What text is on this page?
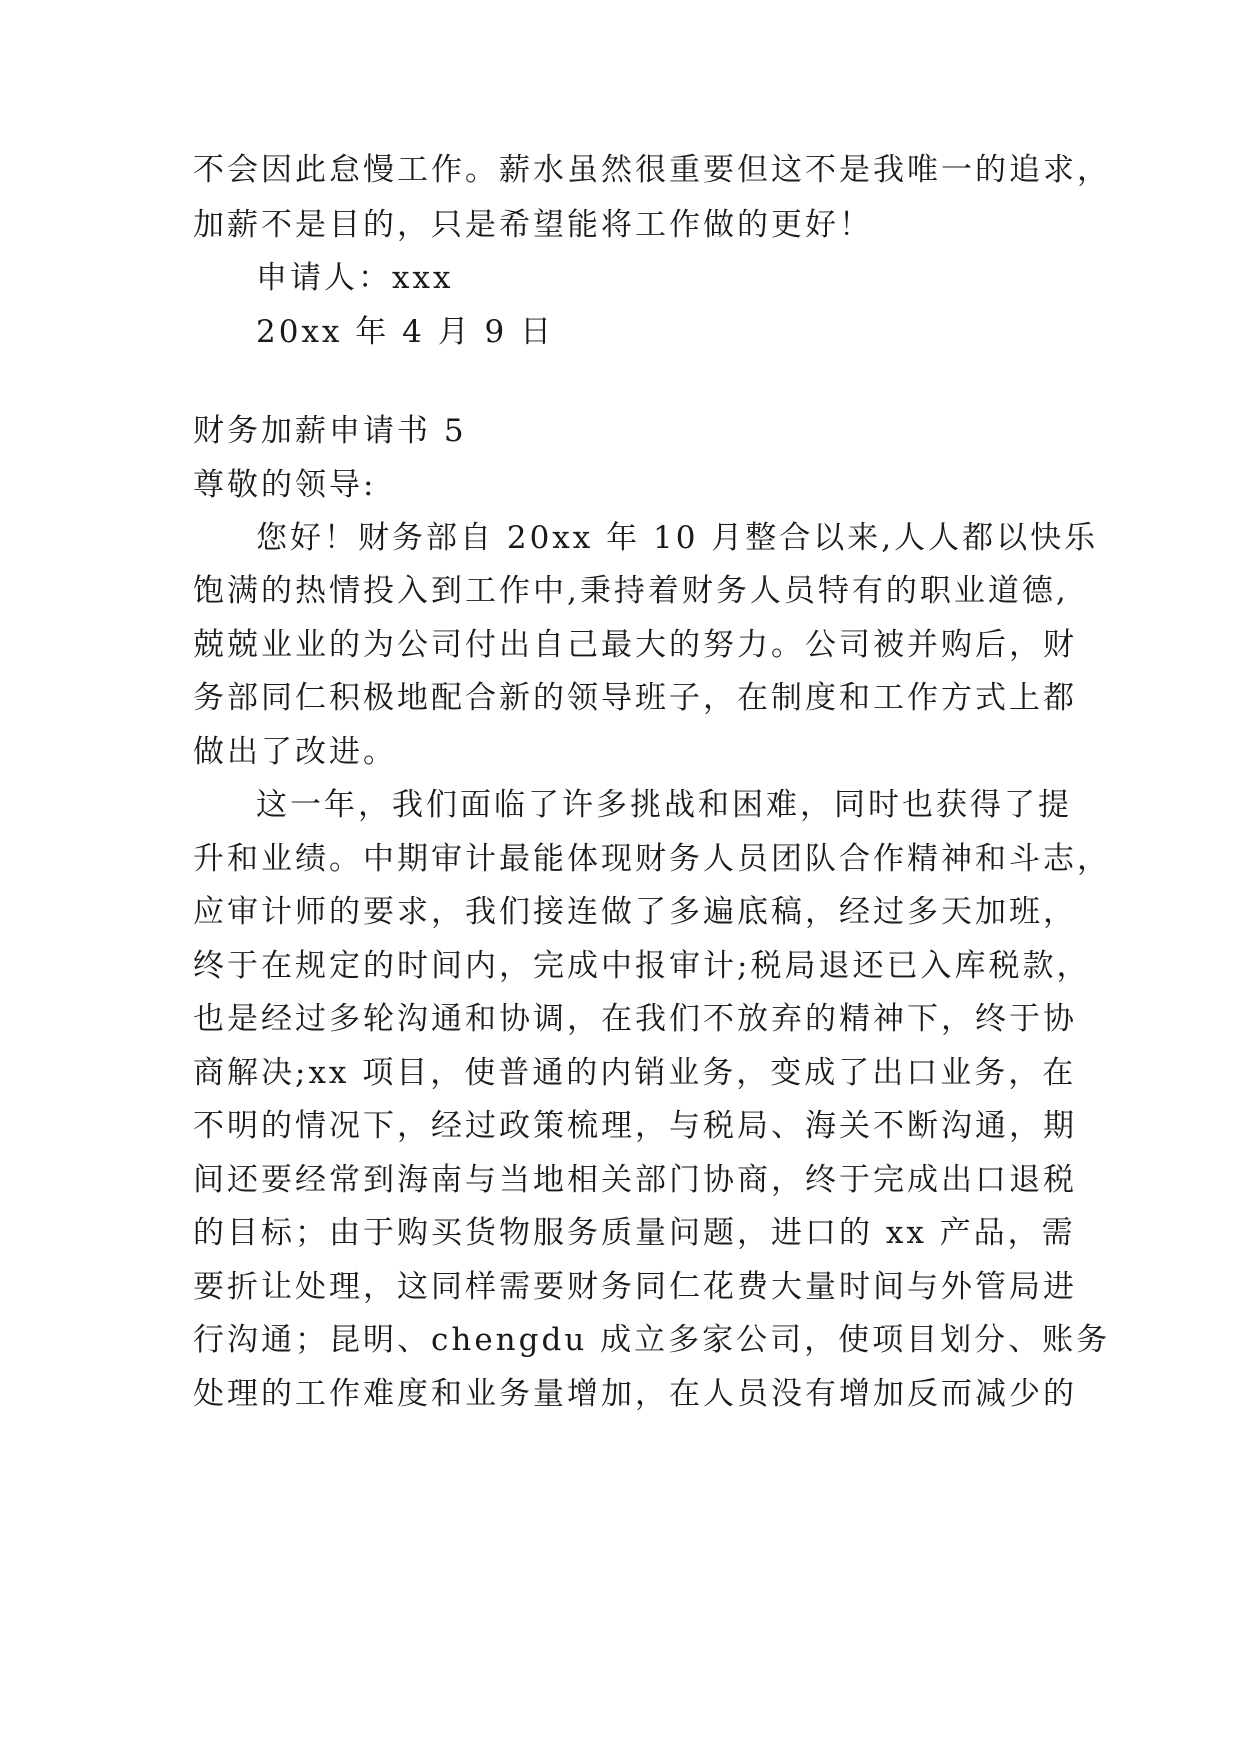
不会因此怠慢工作。薪水虽然很重要但这不是我唯一的追求，
加薪不是目的，只是希望能将工作做的更好！
申请人：xxx
20xx 年 4 月 9 日
财务加薪申请书 5
尊敬的领导:
您好！财务部自 20xx 年 10 月整合以来,人人都以快乐
饱满的热情投入到工作中,秉持着财务人员特有的职业道德,
兢兢业业的为公司付出自己最大的努力。公司被并购后，财
务部同仁积极地配合新的领导班子，在制度和工作方式上都
做出了改进。
这一年，我们面临了许多挑战和困难，同时也获得了提
升和业绩。中期审计最能体现财务人员团队合作精神和斗志，
应审计师的要求，我们接连做了多遍底稿，经过多天加班，
终于在规定的时间内，完成中报审计;税局退还已入库税款，
也是经过多轮沟通和协调，在我们不放弃的精神下，终于协
商解决;xx 项目，使普通的内销业务，变成了出口业务，在
不明的情况下，经过政策梳理，与税局、海关不断沟通，期
间还要经常到海南与当地相关部门协商，终于完成出口退税
的目标；由于购买货物服务质量问题，进口的 xx 产品，需
要折让处理，这同样需要财务同仁花费大量时间与外管局进
行沟通；昆明、chengdu 成立多家公司，使项目划分、账务
处理的工作难度和业务量增加，在人员没有增加反而减少的
